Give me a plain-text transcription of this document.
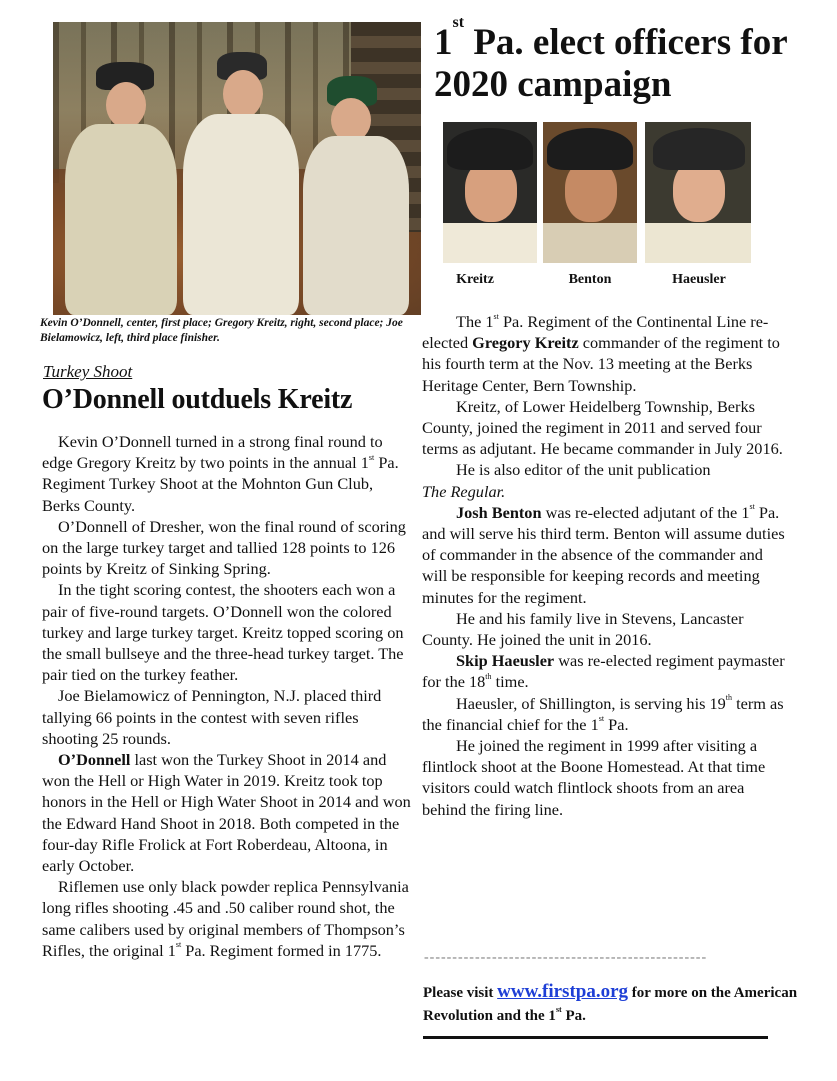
Kevin O’Donnell, center, first place; Gregory Kreitz, right, second place; Joe Bielamowicz, left, third place finisher.
Turkey Shoot
O’Donnell outduels Kreitz

Kevin O’Donnell turned in a strong final round to edge Gregory Kreitz by two points in the annual 1st Pa. Regiment Turkey Shoot at the Mohnton Gun Club, Berks County.

O’Donnell of Dresher, won the final round of scoring on the large turkey target and tallied 128 points to 126 points by Kreitz of Sinking Spring.

In the tight scoring contest, the shooters each won a pair of five-round targets. O’Donnell won the colored turkey and large turkey target. Kreitz topped scoring on the small bullseye and the three-head turkey target. The pair tied on the turkey feather.

Joe Bielamowicz of Pennington, N.J. placed third tallying 66 points in the contest with seven rifles shooting 25 rounds.

O’Donnell last won the Turkey Shoot in 2014 and won the Hell or High Water in 2019. Kreitz took top honors in the Hell or High Water Shoot in 2014 and won the Edward Hand Shoot in 2018. Both competed in the four-day Rifle Frolick at Fort Roberdeau, Altoona, in early October.

Riflemen use only black powder replica Pennsylvania long rifles shooting .45 and .50 caliber round shot, the same calibers used by original members of Thompson’s Rifles, the original 1st Pa. Regiment formed in 1775.

1st Pa. elect officers for 2020 campaign
Kreitz	Benton	Haeusler

The 1st Pa. Regiment of the Continental Line re-elected Gregory Kreitz commander of the regiment to his fourth term at the Nov. 13 meeting at the Berks Heritage Center, Bern Township.

Kreitz, of Lower Heidelberg Township, Berks County, joined the regiment in 2011 and served four terms as adjutant. He became commander in July 2016.

He is also editor of the unit publication

The Regular.

Josh Benton was re-elected adjutant of the 1st Pa. and will serve his third term. Benton will assume duties of commander in the absence of the commander and will be responsible for keeping records and meeting minutes for the regiment.

He and his family live in Stevens, Lancaster County. He joined the unit in 2016.

Skip Haeusler was re-elected regiment paymaster for the 18th time.

Haeusler, of Shillington, is serving his 19th term as the financial chief for the 1st Pa.

He joined the regiment in 1999 after visiting a flintlock shoot at the Boone Homestead. At that time visitors could watch flintlock shoots from an area behind the firing line.

--------------------------------------------------
Please visit www.firstpa.org for more on the American Revolution and the 1st Pa.
